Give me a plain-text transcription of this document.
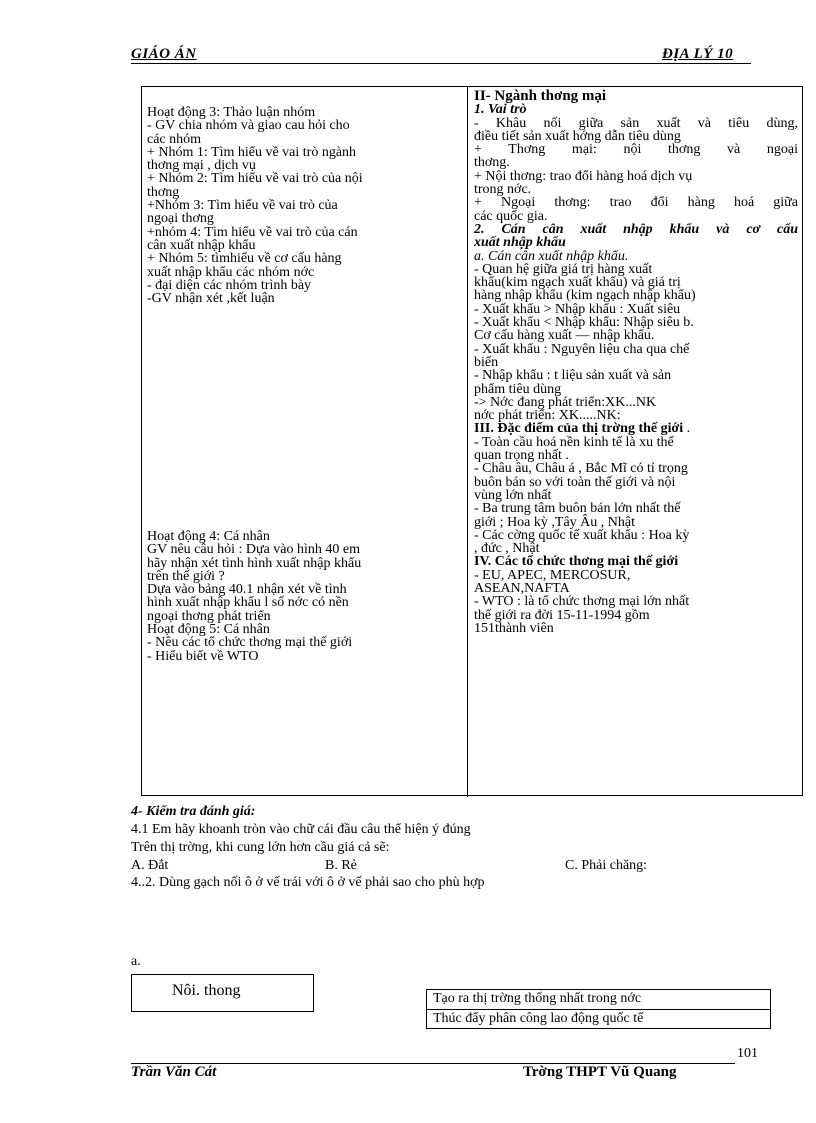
GIÁO ÁN	ĐỊA LÝ 10
Hoạt động 3: Thảo luận nhóm
- GV chia nhóm và giao cau hỏi cho
các nhóm
+ Nhóm 1: Tìm hiểu về vai trò ngành
thơng mại , dịch vụ
+ Nhóm 2: Tìm hiểu về vai trò của nội
thơng
+Nhóm 3: Tìm hiểu về vai trò của
ngoại thơng
+nhóm 4: Tìm hiểu về vai trò của cán
cân xuất nhập khẩu
+ Nhóm 5: tìmhiểu về cơ cấu hàng
xuất nhập khẩu các nhóm nớc
- đại diện các nhóm trình bày
-GV nhận xét ,kết luận
Hoạt động 4: Cá nhân
GV nêu câu hỏi : Dựa vào hình 40 em
hãy nhận xét tình hình xuất nhập khẩu
trên thế giới ?
Dựa vào bảng 40.1 nhận xét về tình
hình xuất nhập khẩu l số nớc có nền
ngoại thơng phát triển
Hoạt động 5: Cá nhân
- Nêu các tổ chức thơng mại thế giới
- Hiểu biết về WTO
II- Ngành thơng mại
1. Vai trò
- Khâu nối giữa sản xuất và tiêu dùng,
điều tiết sản xuất hớng dẫn tiêu dùng
+ Thơng mại: nội thơng và ngoại
thơng.
+ Nội thơng: trao đổi hàng hoá dịch vụ
trong nớc.
+ Ngoại thơng: trao đổi hàng hoá giữa
các quốc gia.
2. Cán cân xuất nhập khẩu và cơ cấu
xuất nhập khẩu
a. Cán cân xuất nhập khẩu.
- Quan hệ giữa giá trị hàng xuất
khẩu(kim ngạch xuất khẩu) và giá trị
hàng nhập khẩu (kim ngạch nhập khẩu)
- Xuất khẩu > Nhập khẩu : Xuất siêu
- Xuất khẩu < Nhập khẩu: Nhập siêu b.
Cơ cấu hàng xuất — nhập khẩu.
- Xuất khẩu : Nguyên liệu cha qua chế
biến
- Nhập khẩu : t liệu sản xuất và sản
phẩm tiêu dùng
-> Nớc đang phát triển:XK...NK
nớc phát triển: XK.....NK:
III. Đặc điểm của thị trờng thế giới .
- Toàn cầu hoá nền kinh tế là xu thế
quan trọng nhất .
- Châu âu, Châu á , Bắc Mĩ có tỉ trọng
buôn bán so với toàn thế giới và nội
vùng lớn nhất
- Ba trung tâm buôn bán lớn nhất thế
giới ; Hoa kỳ ,Tây Âu , Nhật
- Các cờng quốc tế xuất khẩu : Hoa kỳ
, đức , Nhật
IV. Các tổ chức thơng mại thế giới
- EU, APEC, MERCOSUR,
ASEAN,NAFTA
- WTO : là tổ chức thơng mại lớn nhất
thế giới ra đời 15-11-1994 gồm
151thành viên
4- Kiểm tra đánh giá:
4.1 Em hãy khoanh tròn vào chữ cái đầu câu thể hiện ý đúng
Trên thị trờng, khi cung lớn hơn cầu giá cả sẽ:
A. Đắt	B. Rẻ	C. Phải chăng:
4..2. Dùng gạch nối ô ở vế trái với ô ở vế phải sao cho phù hợp
a.
Nôi. thong	Tạo ra thị trờng thống nhất trong nớc
Thúc đẩy phân công lao động quốc tế
101
Trần Văn Cát	Trờng THPT Vũ Quang
